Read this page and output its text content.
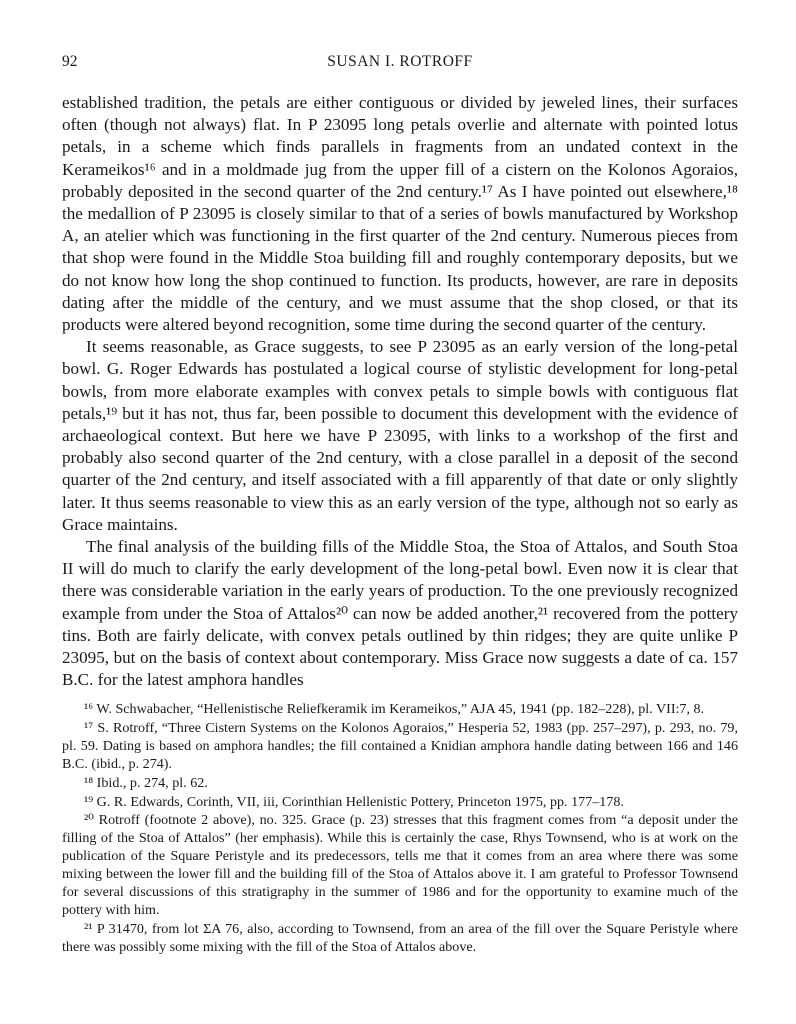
92	SUSAN I. ROTROFF

established tradition, the petals are either contiguous or divided by jeweled lines, their surfaces often (though not always) flat. In P 23095 long petals overlie and alternate with pointed lotus petals, in a scheme which finds parallels in fragments from an undated context in the Kerameikos¹⁶ and in a moldmade jug from the upper fill of a cistern on the Kolonos Agoraios, probably deposited in the second quarter of the 2nd century.¹⁷ As I have pointed out elsewhere,¹⁸ the medallion of P 23095 is closely similar to that of a series of bowls manufactured by Workshop A, an atelier which was functioning in the first quarter of the 2nd century. Numerous pieces from that shop were found in the Middle Stoa building fill and roughly contemporary deposits, but we do not know how long the shop continued to function. Its products, however, are rare in deposits dating after the middle of the century, and we must assume that the shop closed, or that its products were altered beyond recognition, some time during the second quarter of the century.

It seems reasonable, as Grace suggests, to see P 23095 as an early version of the long-petal bowl. G. Roger Edwards has postulated a logical course of stylistic development for long-petal bowls, from more elaborate examples with convex petals to simple bowls with contiguous flat petals,¹⁹ but it has not, thus far, been possible to document this development with the evidence of archaeological context. But here we have P 23095, with links to a workshop of the first and probably also second quarter of the 2nd century, with a close parallel in a deposit of the second quarter of the 2nd century, and itself associated with a fill apparently of that date or only slightly later. It thus seems reasonable to view this as an early version of the type, although not so early as Grace maintains.

The final analysis of the building fills of the Middle Stoa, the Stoa of Attalos, and South Stoa II will do much to clarify the early development of the long-petal bowl. Even now it is clear that there was considerable variation in the early years of production. To the one previously recognized example from under the Stoa of Attalos²⁰ can now be added another,²¹ recovered from the pottery tins. Both are fairly delicate, with convex petals outlined by thin ridges; they are quite unlike P 23095, but on the basis of context about contemporary. Miss Grace now suggests a date of ca. 157 B.C. for the latest amphora handles

¹⁶ W. Schwabacher, “Hellenistische Reliefkeramik im Kerameikos,” AJA 45, 1941 (pp. 182–228), pl. VII:7, 8.

¹⁷ S. Rotroff, “Three Cistern Systems on the Kolonos Agoraios,” Hesperia 52, 1983 (pp. 257–297), p. 293, no. 79, pl. 59. Dating is based on amphora handles; the fill contained a Knidian amphora handle dating between 166 and 146 B.C. (ibid., p. 274).

¹⁸ Ibid., p. 274, pl. 62.

¹⁹ G. R. Edwards, Corinth, VII, iii, Corinthian Hellenistic Pottery, Princeton 1975, pp. 177–178.

²⁰ Rotroff (footnote 2 above), no. 325. Grace (p. 23) stresses that this fragment comes from “a deposit under the filling of the Stoa of Attalos” (her emphasis). While this is certainly the case, Rhys Townsend, who is at work on the publication of the Square Peristyle and its predecessors, tells me that it comes from an area where there was some mixing between the lower fill and the building fill of the Stoa of Attalos above it. I am grateful to Professor Townsend for several discussions of this stratigraphy in the summer of 1986 and for the opportunity to examine much of the pottery with him.

²¹ P 31470, from lot ΣΑ 76, also, according to Townsend, from an area of the fill over the Square Peristyle where there was possibly some mixing with the fill of the Stoa of Attalos above.
